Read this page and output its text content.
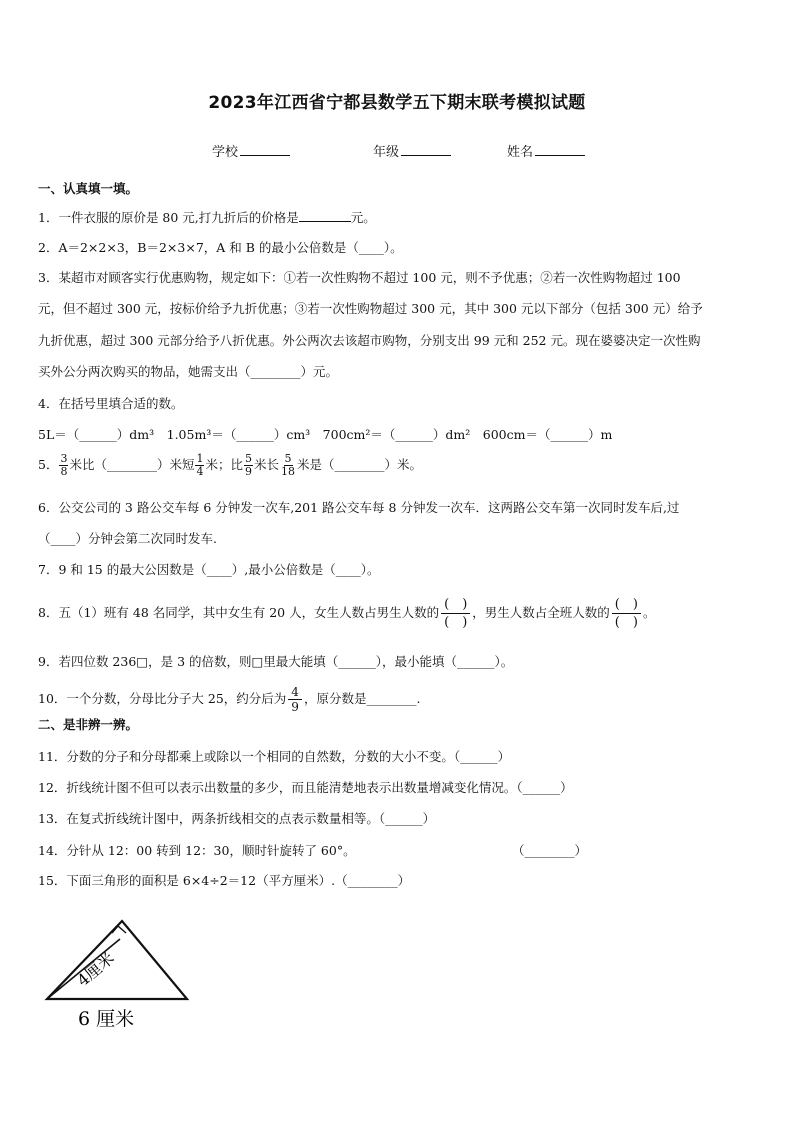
2023年江西省宁都县数学五下期末联考模拟试题
学校	年级	姓名
一、认真填一填。
1．一件衣服的原价是 80 元,打九折后的价格是	元。
2．A＝2×2×3，B＝2×3×7，A 和 B 的最小公倍数是（____）。
3．某超市对顾客实行优惠购物，规定如下：①若一次性购物不超过 100 元，则不予优惠；②若一次性购物超过 100
元，但不超过 300 元，按标价给予九折优惠；③若一次性购物超过 300 元，其中 300 元以下部分（包括 300 元）给予
九折优惠，超过 300 元部分给予八折优惠。外公两次去该超市购物，分别支出 99 元和 252 元。现在婆婆决定一次性购
买外公分两次购买的物品，她需支出（________）元。
4．在括号里填合适的数。
5L＝（______）dm³　1.05m³＝（______）cm³　700cm²＝（______）dm²　600cm＝（______）m
5． $\frac{3}{8}$ 米比（________）米短 $\frac{1}{4}$ 米；比 $\frac{5}{9}$ 米长 $\frac{5}{18}$ 米是（________）米。
6．公交公司的 3 路公交车每 6 分钟发一次车,201 路公交车每 8 分钟发一次车．这两路公交车第一次同时发车后,过
（____）分钟会第二次同时发车.
7．9 和 15 的最大公因数是（____）,最小公倍数是（____）。
8．五（1）班有 48 名同学，其中女生有 20 人，女生人数占男生人数的 $\frac{( )}{( )}$ ，男生人数占全班人数的 $\frac{( )}{( )}$ 。
9．若四位数 236□，是 3 的倍数，则□里最大能填（______），最小能填（______）。
10．一个分数，分母比分子大 25，约分后为 $\frac{4}{9}$ ，原分数是________.
二、是非辨一辨。
11．分数的分子和分母都乘上或除以一个相同的自然数，分数的大小不变。（______）
12．折线统计图不但可以表示出数量的多少，而且能清楚地表示出数量增减变化情况。（______）
13．在复式折线统计图中，两条折线相交的点表示数量相等。（______）
14．分针从 12：00 转到 12：30，顺时针旋转了 60°。	（________）
15．下面三角形的面积是 6×4÷2＝12（平方厘米）.（________）
4厘米
6 厘米
